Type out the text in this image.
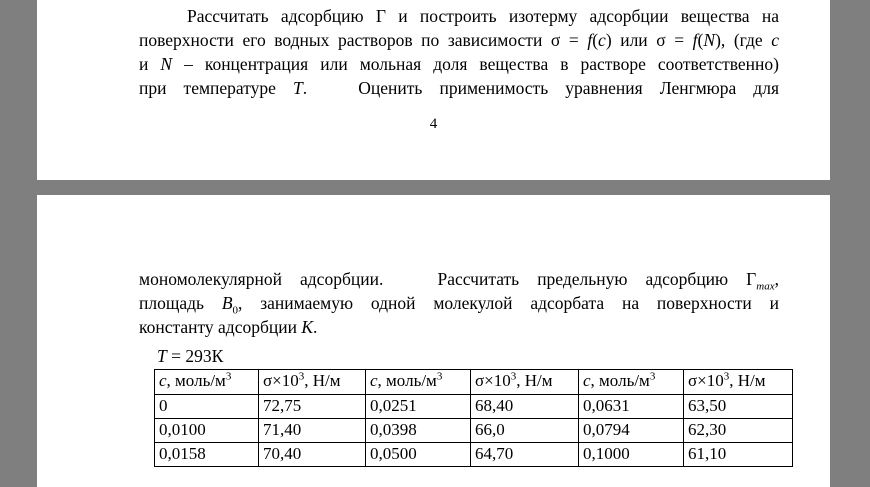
Рассчитать адсорбцию Γ и построить изотерму адсорбции вещества на
поверхности его водных растворов по зависимости σ = f(c) или σ = f(N), (где c
и N – концентрация или мольная доля вещества в растворе соответственно)
при температуре T.   Оценить применимость уравнения Ленгмюра для
4
мономолекулярной адсорбции.   Рассчитать предельную адсорбцию $\Gamma_{max}$,
площадь $B_0$, занимаемую одной молекулой адсорбата на поверхности и
константу адсорбции K.
T = 293К
c, моль/$м^3$	$\sigma\times 10^3$, Н/м	c, моль/$м^3$	$\sigma\times 10^3$, Н/м	c, моль/$м^3$	$\sigma\times 10^3$, Н/м
0	72,75	0,0251	68,40	0,0631	63,50
0,0100	71,40	0,0398	66,0	0,0794	62,30
0,0158	70,40	0,0500	64,70	0,1000	61,10
